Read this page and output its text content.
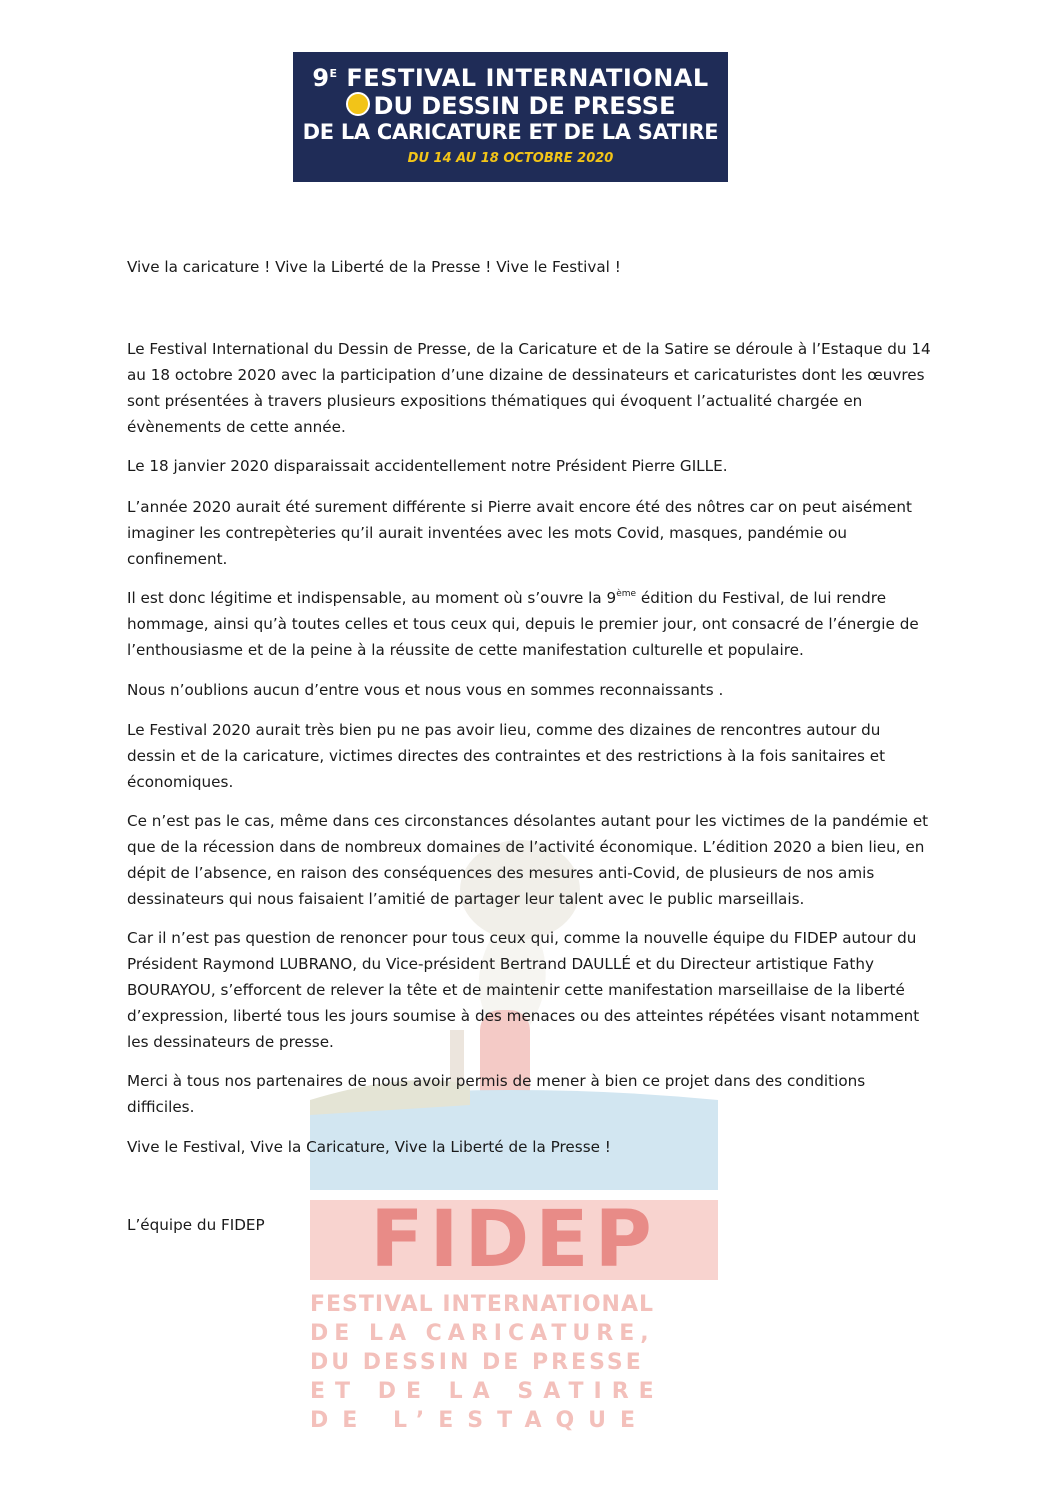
$9^E$ FESTIVAL INTERNATIONAL
DU DESSIN DE PRESSE
DE LA CARICATURE ET DE LA SATIRE
DU 14 AU 18 OCTOBRE 2020
FIDEP
FESTIVAL INTERNATIONAL
DE LA CARICATURE,
DU DESSIN DE PRESSE
ET DE LA SATIRE
DE L’ESTAQUE
Vive la caricature ! Vive la Liberté de la Presse ! Vive le Festival !

Le Festival International du Dessin de Presse, de la Caricature et de la Satire se déroule à l’Estaque du 14 au 18 octobre 2020 avec la participation d’une dizaine de dessinateurs et caricaturistes dont les œuvres sont présentées à travers plusieurs expositions thématiques qui évoquent l’actualité chargée en évènements de cette année.

Le 18 janvier 2020 disparaissait accidentellement notre Président Pierre GILLE.

L’année 2020 aurait été surement différente si Pierre avait encore été des nôtres car on peut aisément imaginer les contrepèteries qu’il aurait inventées avec les mots Covid, masques, pandémie ou confinement.

Il est donc légitime et indispensable, au moment où s’ouvre la 9ème édition du Festival, de lui rendre hommage, ainsi qu’à toutes celles et tous ceux qui, depuis le premier jour, ont consacré de l’énergie de l’enthousiasme et de la peine à la réussite de cette manifestation culturelle et populaire.

Nous n’oublions aucun d’entre vous et nous vous en sommes reconnaissants .

Le Festival 2020 aurait très bien pu ne pas avoir lieu, comme des dizaines de rencontres autour du dessin et de la caricature, victimes directes des contraintes et des restrictions à la fois sanitaires et économiques.

Ce n’est pas le cas, même dans ces circonstances désolantes autant pour les victimes de la pandémie et que de la récession dans de nombreux domaines de l’activité économique. L’édition 2020 a bien lieu, en dépit de l’absence, en raison des conséquences des mesures anti-Covid, de plusieurs de nos amis dessinateurs qui nous faisaient l’amitié de partager leur talent avec le public marseillais.

Car il n’est pas question de renoncer pour tous ceux qui, comme la nouvelle équipe du FIDEP autour du Président Raymond LUBRANO, du Vice-président Bertrand DAULLÉ et du Directeur artistique Fathy BOURAYOU, s’efforcent de relever la tête et de maintenir cette manifestation marseillaise de la liberté d’expression, liberté tous les jours soumise à des menaces ou des atteintes répétées visant notamment les dessinateurs de presse.

Merci à tous nos partenaires de nous avoir permis de mener à bien ce projet dans des conditions difficiles.

Vive le Festival, Vive la Caricature, Vive la Liberté de la Presse !

L’équipe du FIDEP
